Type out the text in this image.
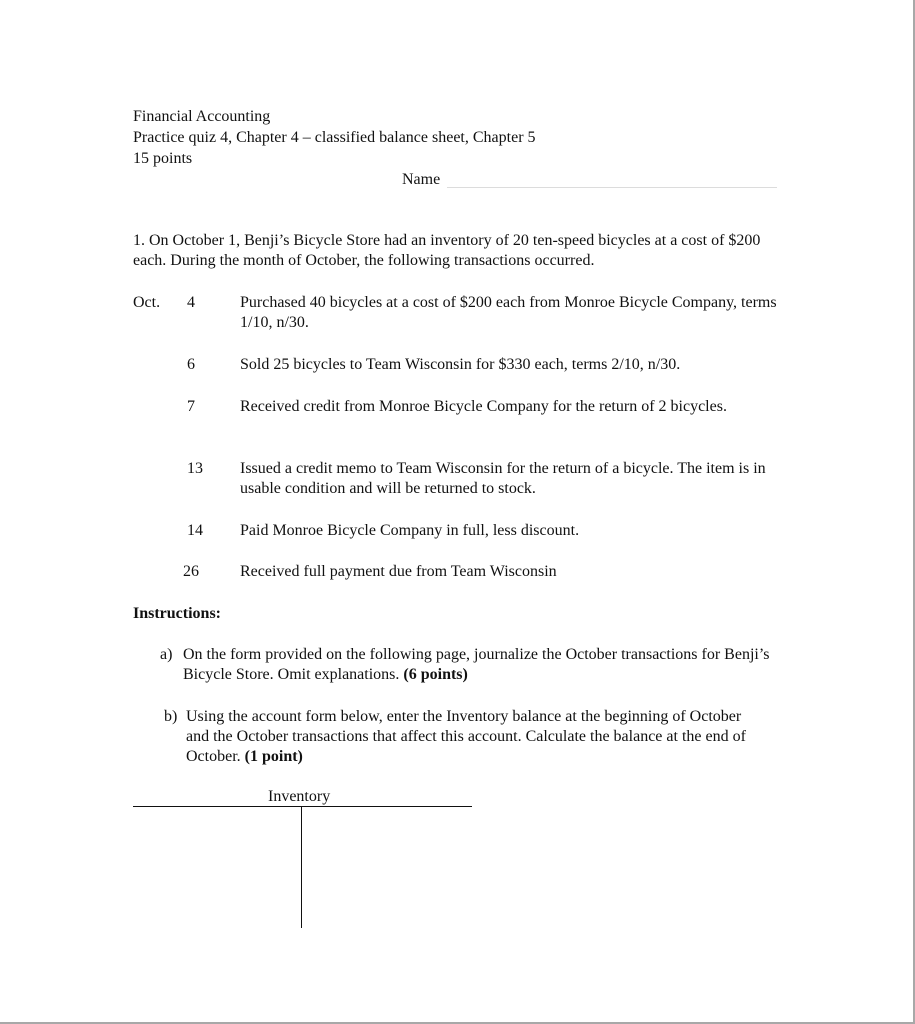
Financial Accounting
Practice quiz 4, Chapter 4 – classified balance sheet, Chapter 5
15 points
Name
1. On October 1, Benji’s Bicycle Store had an inventory of 20 ten-speed bicycles at a cost of $200 each. During the month of October, the following transactions occurred.
Oct.	4	Purchased 40 bicycles at a cost of $200 each from Monroe Bicycle Company, terms 1/10, n/30.
6	Sold 25 bicycles to Team Wisconsin for $330 each, terms 2/10, n/30.
7	Received credit from Monroe Bicycle Company for the return of 2 bicycles.
13	Issued a credit memo to Team Wisconsin for the return of a bicycle. The item is in usable condition and will be returned to stock.
14	Paid Monroe Bicycle Company in full, less discount.
26	Received full payment due from Team Wisconsin
Instructions:
a) On the form provided on the following page, journalize the October transactions for Benji’s Bicycle Store. Omit explanations. (6 points)
b) Using the account form below, enter the Inventory balance at the beginning of October and the October transactions that affect this account. Calculate the balance at the end of October. (1 point)
Inventory
